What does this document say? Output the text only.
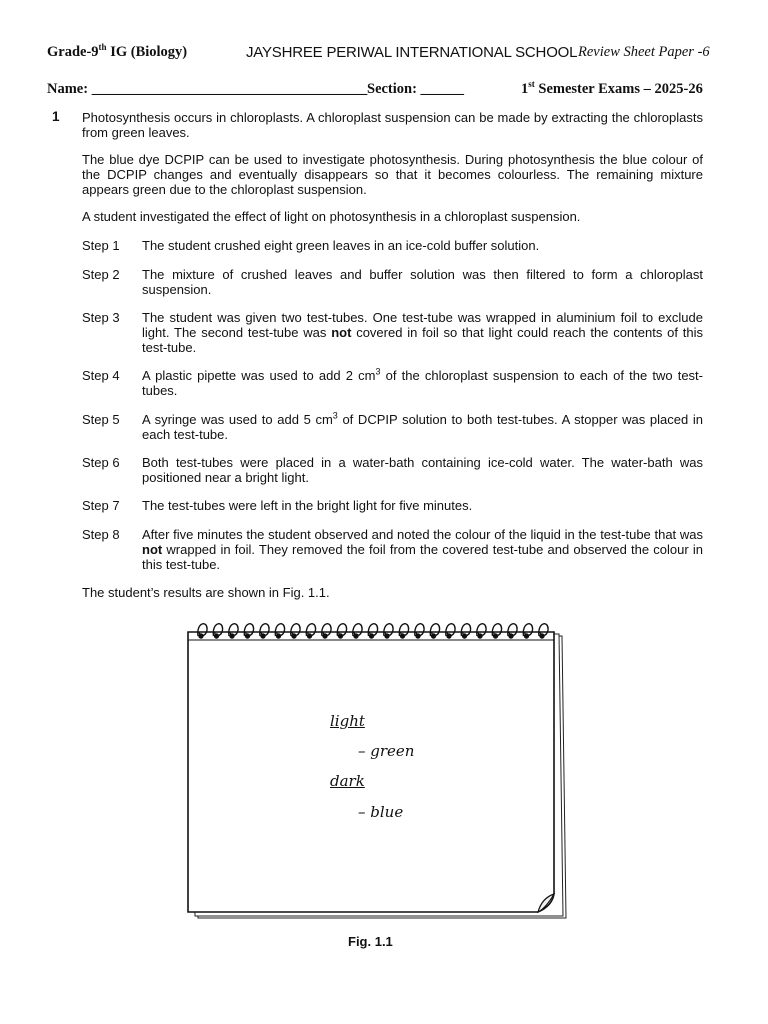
Grade-9th IG (Biology)	JAYSHREE PERIWAL INTERNATIONAL SCHOOL Review Sheet Paper -6
Name: ______________________________________ Section: ______	1st Semester Exams – 2025-26
1 Photosynthesis occurs in chloroplasts. A chloroplast suspension can be made by extracting the chloroplasts from green leaves.
The blue dye DCPIP can be used to investigate photosynthesis. During photosynthesis the blue colour of the DCPIP changes and eventually disappears so that it becomes colourless. The remaining mixture appears green due to the chloroplast suspension.
A student investigated the effect of light on photosynthesis in a chloroplast suspension.
Step 1 The student crushed eight green leaves in an ice-cold buffer solution.
Step 2 The mixture of crushed leaves and buffer solution was then filtered to form a chloroplast suspension.
Step 3 The student was given two test-tubes. One test-tube was wrapped in aluminium foil to exclude light. The second test-tube was not covered in foil so that light could reach the contents of this test-tube.
Step 4 A plastic pipette was used to add 2 $cm^3$ of the chloroplast suspension to each of the two test-tubes.
Step 5 A syringe was used to add 5 $cm^3$ of DCPIP solution to both test-tubes. A stopper was placed in each test-tube.
Step 6 Both test-tubes were placed in a water-bath containing ice-cold water. The water-bath was positioned near a bright light.
Step 7 The test-tubes were left in the bright light for five minutes.
Step 8 After five minutes the student observed and noted the colour of the liquid in the test-tube that was not wrapped in foil. They removed the foil from the covered test-tube and observed the colour in this test-tube.
The student’s results are shown in Fig. 1.1.
light
– green
dark
– blue
Fig. 1.1
